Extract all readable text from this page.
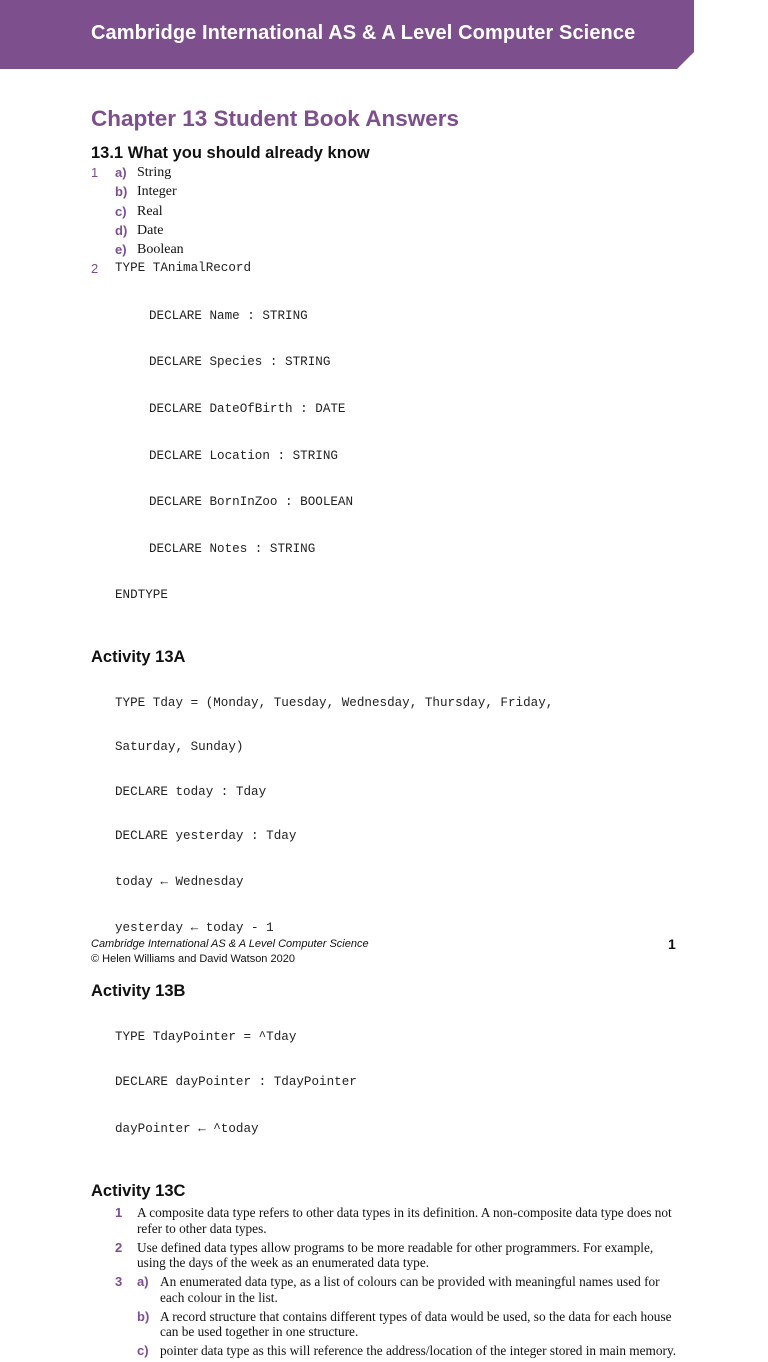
Cambridge International AS & A Level Computer Science
Chapter 13 Student Book Answers
13.1 What you should already know
1	a) String
b) Integer
c) Real
d) Date
e) Boolean
2	TYPE TAnimalRecord

DECLARE Name : STRING

DECLARE Species : STRING

DECLARE DateOfBirth : DATE

DECLARE Location : STRING

DECLARE BornInZoo : BOOLEAN

DECLARE Notes : STRING

ENDTYPE

Activity 13A

TYPE Tday = (Monday, Tuesday, Wednesday, Thursday, Friday,

Saturday, Sunday)

DECLARE today : Tday

DECLARE yesterday : Tday

today ← Wednesday

yesterday ← today - 1

Activity 13B

TYPE TdayPointer = ^Tday

DECLARE dayPointer : TdayPointer

dayPointer ← ^today

Activity 13C
1	A composite data type refers to other data types in its definition. A non-composite data type does not refer to other data types.
2	Use defined data types allow programs to be more readable for other programmers. For example, using the days of the week as an enumerated data type.
3	a) An enumerated data type, as a list of colours can be provided with meaningful names used for each colour in the list.
b) A record structure that contains different types of data would be used, so the data for each house can be used together in one structure.
c) pointer data type as this will reference the address/location of the integer stored in main memory.
Cambridge International AS & A Level Computer Science
© Helen Williams and David Watson 2020
1
